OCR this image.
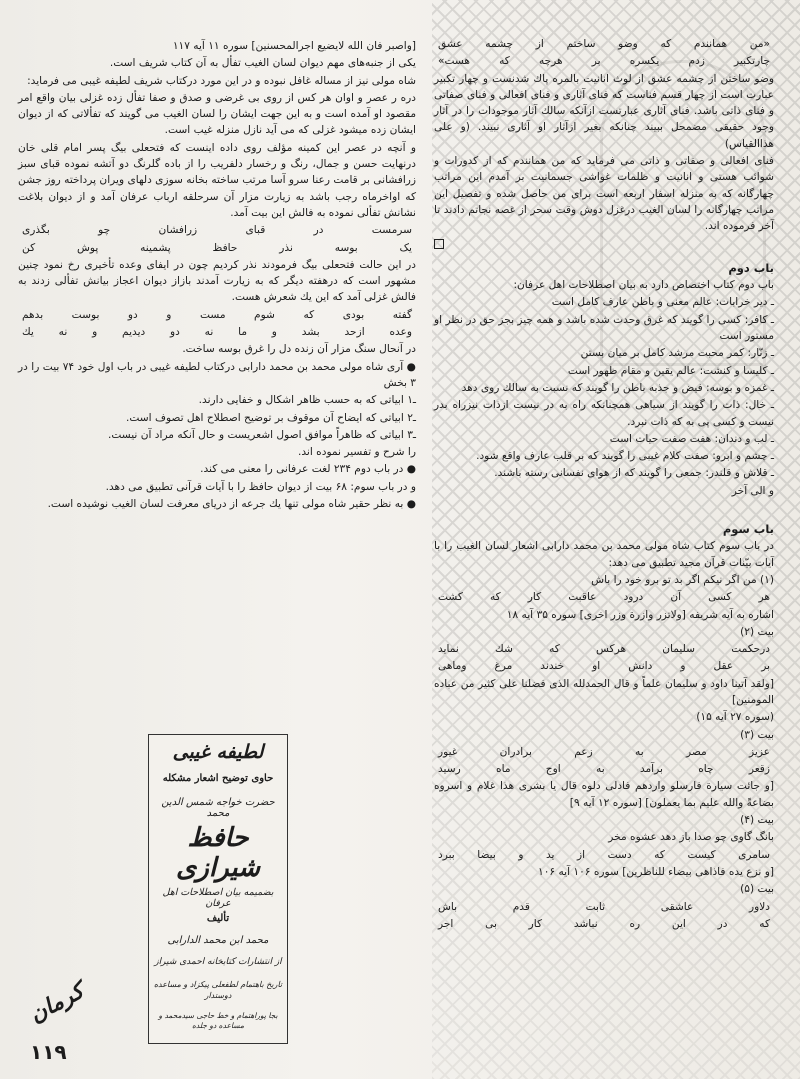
«من همانندم که وضو ساختم از چشمه عشق

چارتکبیر زدم یکسره بر هرچه که هست»

وضو ساختن از چشمه عشق از لوث انانیت بالمره پاك شدنست و چهار تکبیر عبارت است از چهار قسم فناست که فنای آثاری و فنای افعالی و فنای صفاتی و فنای ذاتی باشد. فنای آثاری عبارتست ازآنکه سالك آثار موجودات را در آثار وجود حقیقی مضمحل ببیند چنانکه بغیر ازآثار او آثاری نبیند. (و علی هذاالقیاس)

فنای افعالی و صفاتی و ذاتی می فرماید که من همانندم که از کدورات و شوائب هستی و انانیت و ظلمات غواشی جسمانیت بر آمدم این مراتب چهارگانه که به منزله اسفار اربعه است برای من حاصل شده و تفصیل این مراتب چهارگانه را لسان الغیب درغزل دوش وقت سحر از غصه نجاتم دادند تا آخر فرموده اند.

باب دوم

باب دوم کتاب اختصاص دارد به بیان اصطلاحات اهل عرفان:

ـ دیر خرابات: عالم معنی و باطن عارف کامل است

ـ کافر: کسی را گویند که غرق وحدت شده باشد و همه چیز بجز حق در نظر او مستور است

ـ زنّار: کمر محبت مرشد کامل بر میان بستن

ـ کلیسا و کنشت: عالم یقین و مقام ظهور است

ـ غمزه و بوسه: فیض و جذبه باطن را گویند که نسبت به سالك روی دهد

ـ خال: ذات را گویند از سیاهی همچنانکه راه به در نیست ازذات نیزراه بدر نیست و کسی پی به که ذات نبرد.

ـ لب و دندان: هفت صفت حیات است

ـ چشم و ابرو: صفت کلام غیبی را گویند که بر قلب عارف واقع شود.

ـ قلاش و قلندر: جمعی را گویند که از هوای نفسانی رسته باشند.

و الی آخر

باب سوم

در باب سوم کتاب شاه مولی محمد بن محمد دارابی اشعار لسان الغیب را با آیات بیّنات قرآن مجید تطبیق می دهد:

(۱) من اگر نیکم اگر بد تو برو خود را باش

هر کسی آن درود عاقبت کار که کشت

اشاره به آیه شریفه [ولاتزر وازرة وزر اخری] سوره ۳۵ آیه ۱۸

بیت (۲)

درحکمت سلیمان هرکس که شك نماید

بر عقل و دانش او خندند مرغ وماهی

[ولقد آتینا داود و سلیمان علماً و قال الحمدلله الذی فضلنا علی کثیر من عباده المومنین]

(سوره ۲۷ آیه ۱۵)

بیت (۳)

عزیز مصر به زعم برادران غیور

زقعر چاه برآمد به اوج ماه رسید

[و جائت سیارة فارسلو واردهم فادلی دلوه قال یا بشری هذا غلام و اسروه بضاعةً والله علیم بما یعملون] [سوره ۱۲ آیه ۹]

بیت (۴)

بانگ گاوی چو صدا باز دهد عشوه مخر

سامری کیست که دست از ید و بیضا ببرد

[و نزع یده فاذاهی بیضاء للناظرین] سوره ۱۰۶ آیه ۱۰۶

بیت (۵)

دلاور عاشقی ثابت قدم باش

که در این ره نباشد کار بی اجر

[واصبر فان الله لایضیع اجرالمحسنین] سوره ۱۱ آیه ۱۱۷

یکی از جنبه‌های مهم دیوان لسان الغیب تفأل به آن کتاب شریف است.

شاه مولی نیز از مساله غافل نبوده و در این مورد درکتاب شریف لطیفه غیبی می فرماید:

دره ر عصر و اوان هر کس از روی بی غرضی و صدق و صفا تفأل زده غزلی بیان واقع امر مقصود او آمده است و به این جهت ایشان را لسان الغیب می گویند که تفألاتی که از دیوان ایشان زده میشود غزلی که می آید نازل منزله غیب است.

و آنچه در عصر این کمینه مؤلف روی داده اینست که فتحعلی بیگ پسر امام قلی خان درنهایت حسن و جمال، رنگ و رخسار دلفریب را از باده گلرنگ دو آتشه نموده قبای سبز زرافشانی بر قامت رعنا سرو آسا مرتب ساخته بخانه سوزی دلهای ویران پرداخته روز جشن که اواخرماه رجب باشد به زیارت مزار آن سرحلقه ارباب عرفان آمد و از دیوان بلاغت نشانش تفألی نموده به فالش این بیت آمد.

سرمست در قبای زرافشان چو بگذری

یک بوسه نذر حافظ پشمینه پوش کن

در این حالت فتحعلی بیگ فرمودند نذر کردیم چون در ایفای وعده تأخیری رخ نمود چنین مشهور است که درهفته دیگر که به زیارت آمدند بازاز دیوان اعجاز بیانش تفألی زدند به فالش غزلی آمد که این یك شعرش هست.

گفته بودی که شوم مست و دو بوست بدهم

وعده ازحد بشد و ما نه دو دیدیم و نه یك

در آنحال سنگ مزار آن زنده دل را غرق بوسه ساخت.

● آری شاه مولی محمد بن محمد دارابی درکتاب لطیفه غیبی در باب اول خود ۷۴ بیت را در ۳ بخش

ـ۱ ابیاتی که به حسب ظاهر اشکال و خفایی دارند.

ـ۲ ابیاتی که ایضاح آن موقوف بر توضیح اصطلاح اهل تصوف است.

ـ۳ ابیاتی که ظاهراً موافق اصول اشعریست و حال آنکه مراد آن نیست.

را شرح و تفسیر نموده اند.

● در باب دوم ۲۳۴ لغت عرفانی را معنی می کند.

و در باب سوم: ۶۸ بیت از دیوان حافظ را با آیات قرآنی تطبیق می دهد.

● به نظر حقیر شاه مولی تنها یك جرعه از دریای معرفت لسان الغیب نوشیده است.

لطیفه غیبی
حاوی توضیح اشعار مشکله
حضرت خواجه شمس الدین محمد
حافظ شیرازی
بضمیمه بیان اصطلاحات اهل عرفان
تألیف
محمد ابن محمد الدارابی
از انتشارات کتابخانه احمدی شیراز
تاریخ باهتمام لطفعلی پیکزاد و مساعده دوستدار
بجا پوراهتمام و خط حاجی سیدمحمد و مساعده دو جلده
کرمان
۱۱۹
